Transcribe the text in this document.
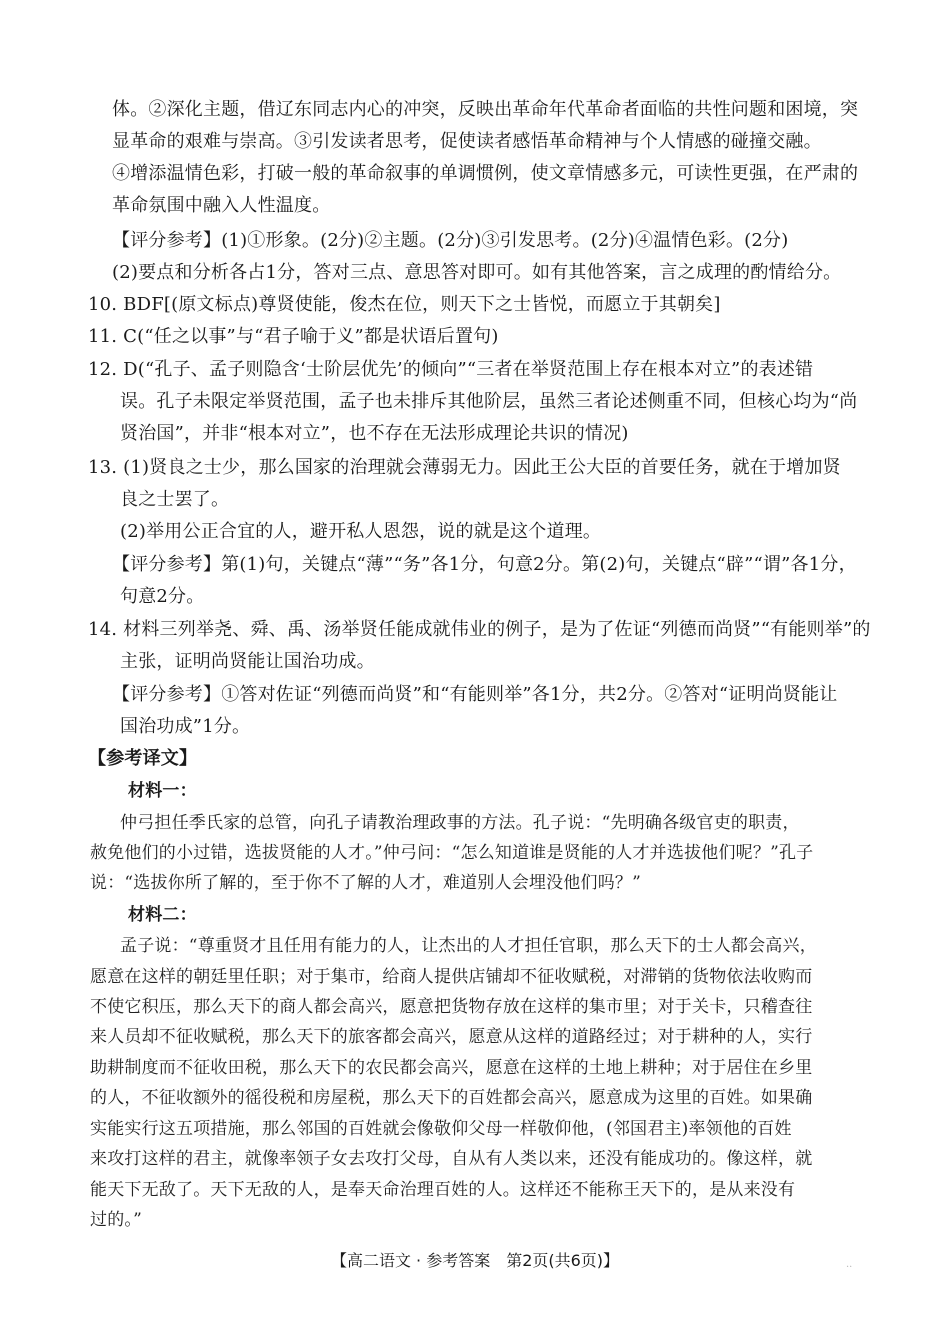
体。②深化主题，借辽东同志内心的冲突，反映出革命年代革命者面临的共性问题和困境，突
显革命的艰难与崇高。③引发读者思考，促使读者感悟革命精神与个人情感的碰撞交融。
④增添温情色彩，打破一般的革命叙事的单调惯例，使文章情感多元，可读性更强，在严肃的
革命氛围中融入人性温度。
【评分参考】(1)①形象。(2分)②主题。(2分)③引发思考。(2分)④温情色彩。(2分)
(2)要点和分析各占1分，答对三点、意思答对即可。如有其他答案，言之成理的酌情给分。
10. BDF[(原文标点)尊贤使能，俊杰在位，则天下之士皆悦，而愿立于其朝矣]
11. C(“任之以事”与“君子喻于义”都是状语后置句)
12. D(“孔子、孟子则隐含‘士阶层优先’的倾向”“三者在举贤范围上存在根本对立”的表述错
误。孔子未限定举贤范围，孟子也未排斥其他阶层，虽然三者论述侧重不同，但核心均为“尚
贤治国”，并非“根本对立”，也不存在无法形成理论共识的情况)
13. (1)贤良之士少，那么国家的治理就会薄弱无力。因此王公大臣的首要任务，就在于增加贤
良之士罢了。
(2)举用公正合宜的人，避开私人恩怨，说的就是这个道理。
【评分参考】第(1)句，关键点“薄”“务”各1分，句意2分。第(2)句，关键点“辟”“谓”各1分，
句意2分。
14. 材料三列举尧、舜、禹、汤举贤任能成就伟业的例子，是为了佐证“列德而尚贤”“有能则举”的
主张，证明尚贤能让国治功成。
【评分参考】①答对佐证“列德而尚贤”和“有能则举”各1分，共2分。②答对“证明尚贤能让
国治功成”1分。
【参考译文】
材料一：
仲弓担任季氏家的总管，向孔子请教治理政事的方法。孔子说：“先明确各级官吏的职责，
赦免他们的小过错，选拔贤能的人才。”仲弓问：“怎么知道谁是贤能的人才并选拔他们呢？”孔子
说：“选拔你所了解的，至于你不了解的人才，难道别人会埋没他们吗？”
材料二：
孟子说：“尊重贤才且任用有能力的人，让杰出的人才担任官职，那么天下的士人都会高兴，
愿意在这样的朝廷里任职；对于集市，给商人提供店铺却不征收赋税，对滞销的货物依法收购而
不使它积压，那么天下的商人都会高兴，愿意把货物存放在这样的集市里；对于关卡，只稽查往
来人员却不征收赋税，那么天下的旅客都会高兴，愿意从这样的道路经过；对于耕种的人，实行
助耕制度而不征收田税，那么天下的农民都会高兴，愿意在这样的土地上耕种；对于居住在乡里
的人，不征收额外的徭役税和房屋税，那么天下的百姓都会高兴，愿意成为这里的百姓。如果确
实能实行这五项措施，那么邻国的百姓就会像敬仰父母一样敬仰他，(邻国君主)率领他的百姓
来攻打这样的君主，就像率领子女去攻打父母，自从有人类以来，还没有能成功的。像这样，就
能天下无敌了。天下无敌的人，是奉天命治理百姓的人。这样还不能称王天下的，是从来没有
过的。”
【高二语文 · 参考答案　第2页(共6页)】	··
